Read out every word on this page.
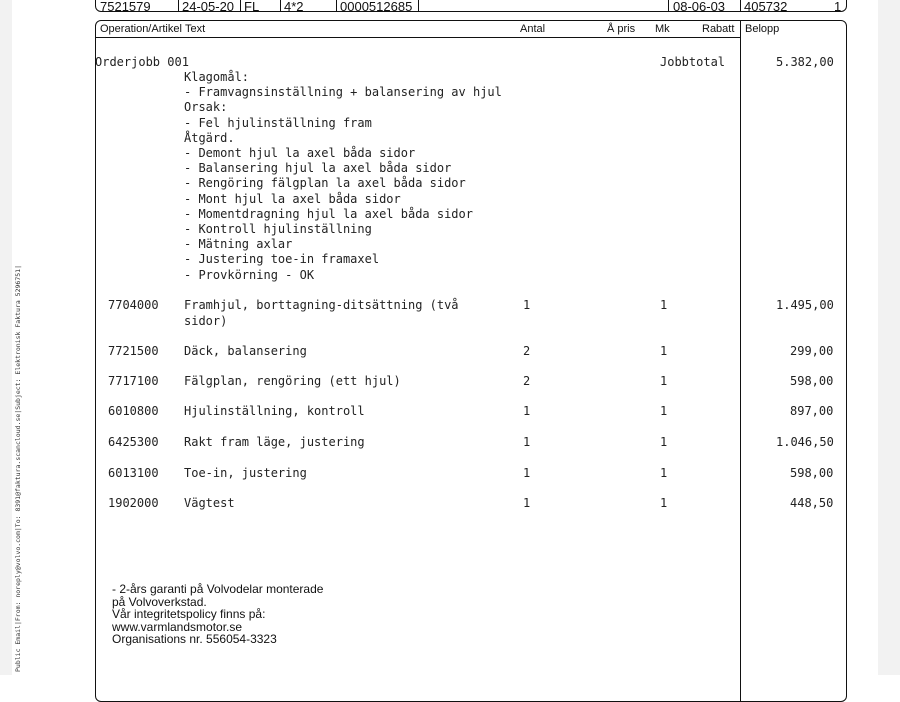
Public Email|From: noreply@volvo.com|To: 8391@faktura.scancloud.se|Subject: Elektronisk Faktura 5296751|
7521579 24-05-20 FL 4*2	0000512685	08-06-03 405732	1
Operation/Artikel Text	Antal	Å pris Mk	Rabatt Belopp
Orderjobb 001	Jobbtotal	5.382,00
Klagomål:
- Framvagnsinställning + balansering av hjul
Orsak:
- Fel hjulinställning fram
Åtgärd.
- Demont hjul la axel båda sidor
- Balansering hjul la axel båda sidor
- Rengöring fälgplan la axel båda sidor
- Mont hjul la axel båda sidor
- Momentdragning hjul la axel båda sidor
- Kontroll hjulinställning
- Mätning axlar
- Justering toe-in framaxel
- Provkörning - OK
7704000 Framhjul, borttagning-ditsättning (två
sidor)
1	1	1.495,00
7721500 Däck, balansering	2	1	299,00
7717100 Fälgplan, rengöring (ett hjul)	2	1	598,00
6010800 Hjulinställning, kontroll	1	1	897,00
6425300 Rakt fram läge, justering	1	1	1.046,50
6013100 Toe-in, justering	1	1	598,00
1902000 Vägtest	1	1	448,50
- 2-års garanti på Volvodelar monterade
på Volvoverkstad.
Vår integritetspolicy finns på:
www.varmlandsmotor.se
Organisations nr. 556054-3323
